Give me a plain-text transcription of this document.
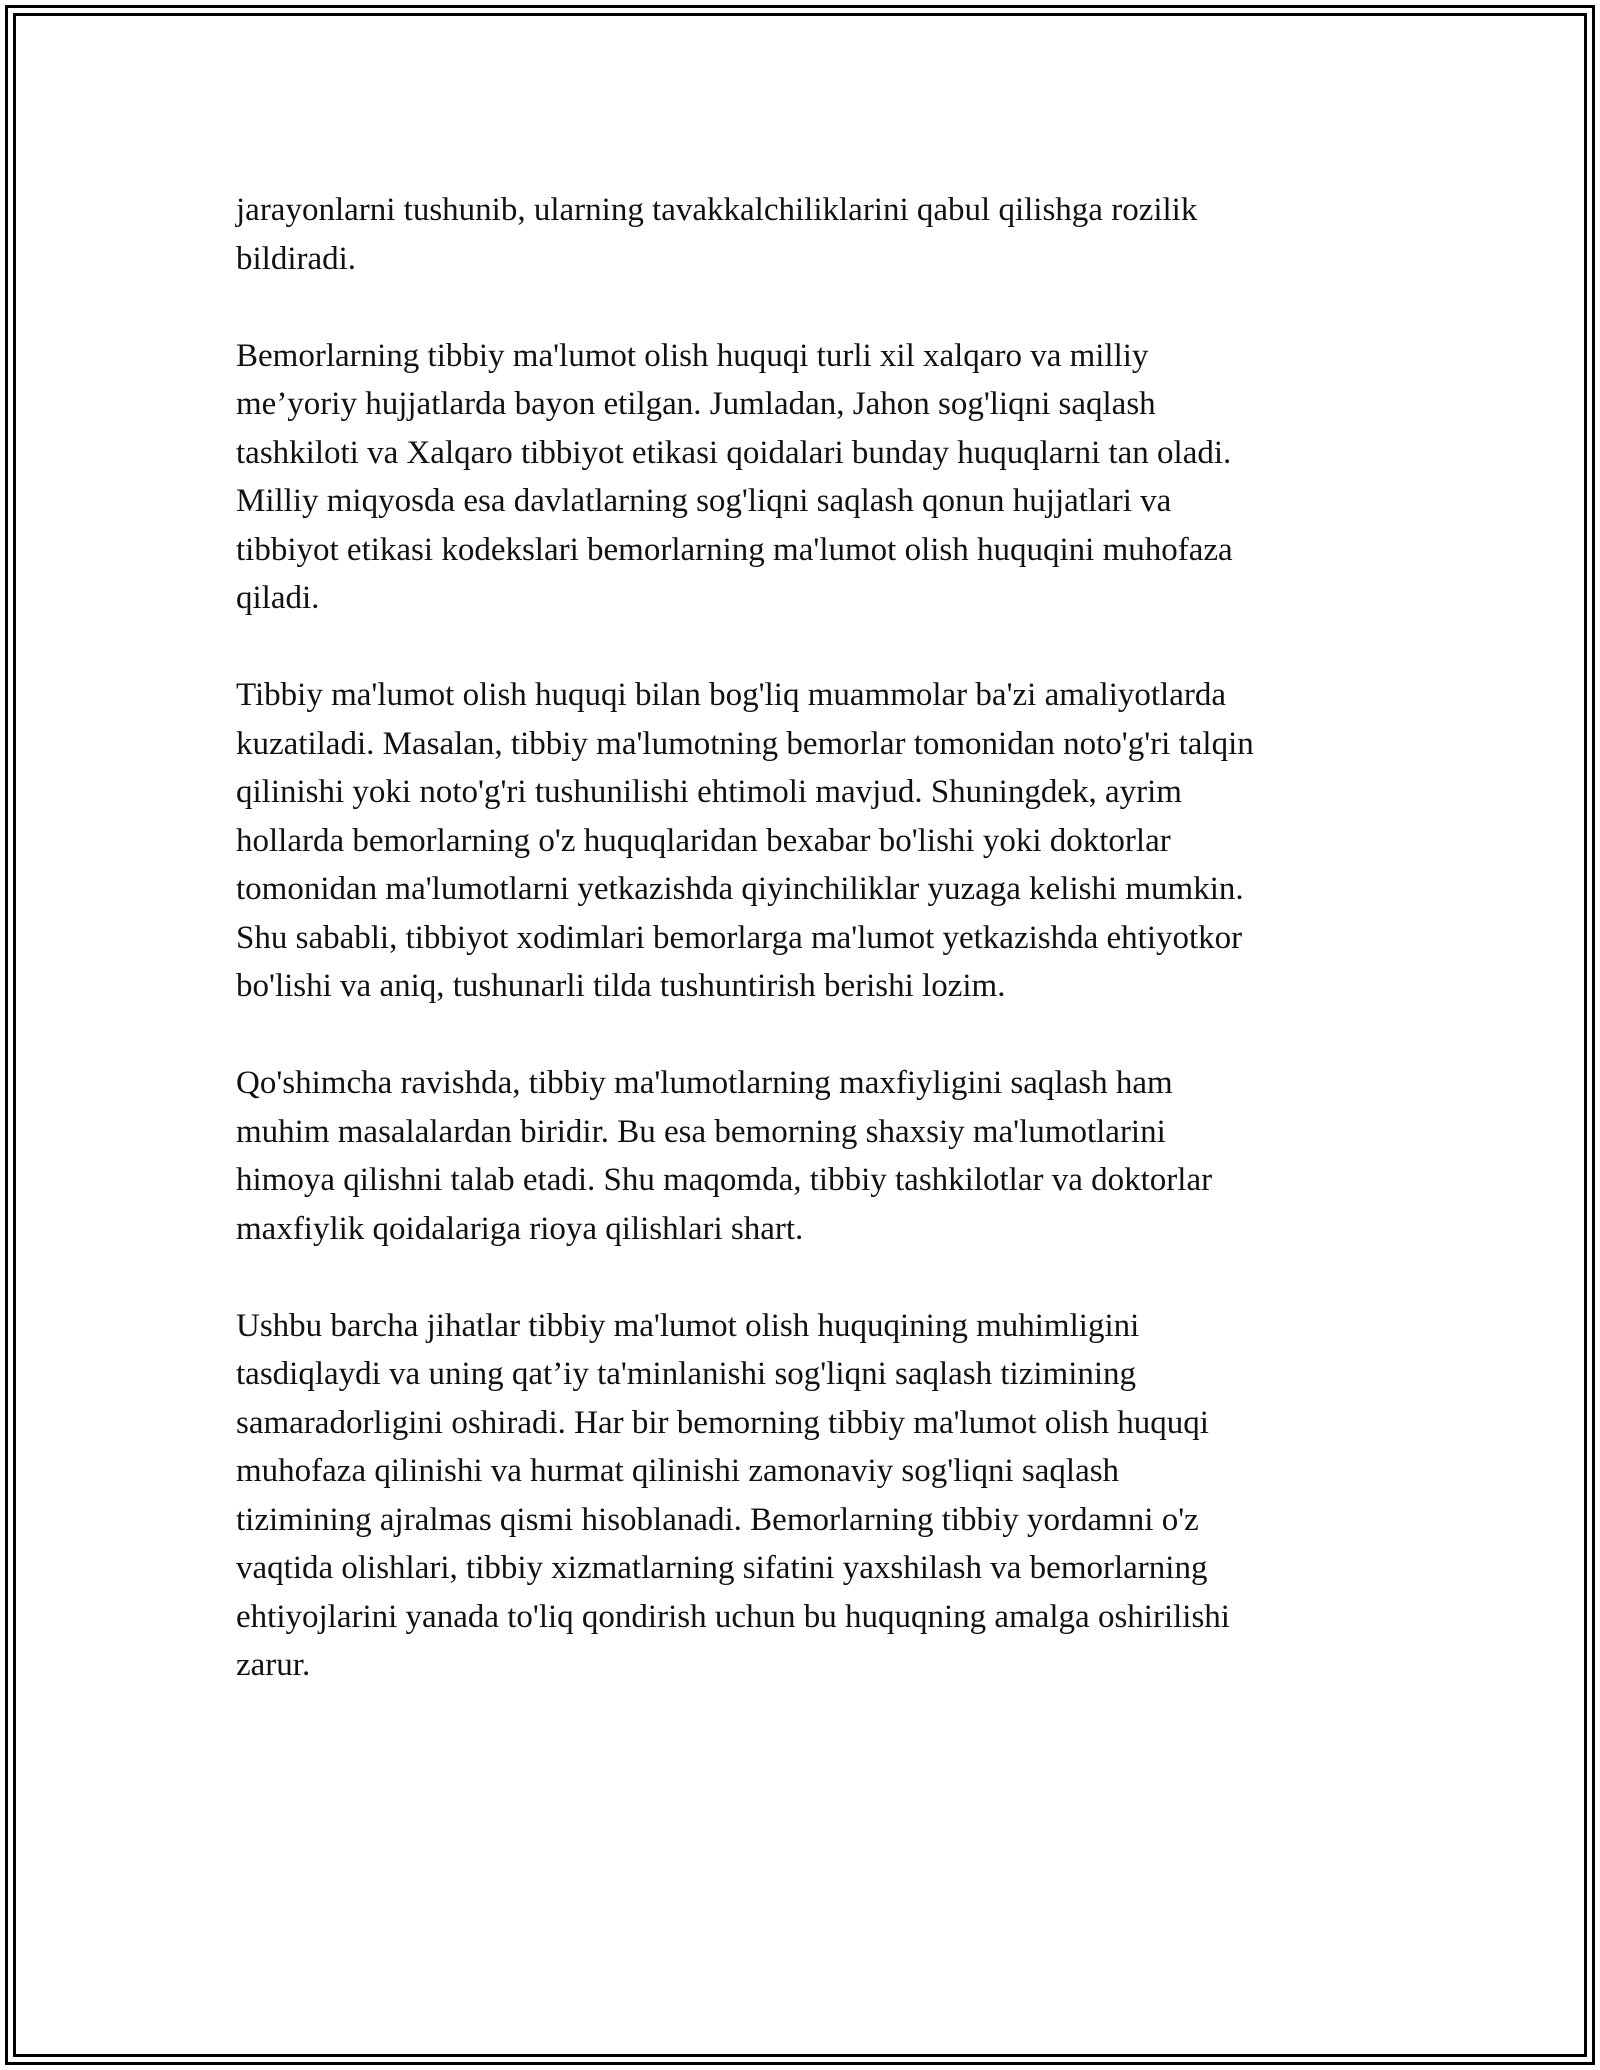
jarayonlarni tushunib, ularning tavakkalchiliklarini qabul qilishga rozilik
bildiradi.

Bemorlarning tibbiy ma'lumot olish huquqi turli xil xalqaro va milliy
me’yoriy hujjatlarda bayon etilgan. Jumladan, Jahon sog'liqni saqlash
tashkiloti va Xalqaro tibbiyot etikasi qoidalari bunday huquqlarni tan oladi.
Milliy miqyosda esa davlatlarning sog'liqni saqlash qonun hujjatlari va
tibbiyot etikasi kodekslari bemorlarning ma'lumot olish huquqini muhofaza
qiladi.

Tibbiy ma'lumot olish huquqi bilan bog'liq muammolar ba'zi amaliyotlarda
kuzatiladi. Masalan, tibbiy ma'lumotning bemorlar tomonidan noto'g'ri talqin
qilinishi yoki noto'g'ri tushunilishi ehtimoli mavjud. Shuningdek, ayrim
hollarda bemorlarning o'z huquqlaridan bexabar bo'lishi yoki doktorlar
tomonidan ma'lumotlarni yetkazishda qiyinchiliklar yuzaga kelishi mumkin.
Shu sababli, tibbiyot xodimlari bemorlarga ma'lumot yetkazishda ehtiyotkor
bo'lishi va aniq, tushunarli tilda tushuntirish berishi lozim.

Qo'shimcha ravishda, tibbiy ma'lumotlarning maxfiyligini saqlash ham
muhim masalalardan biridir. Bu esa bemorning shaxsiy ma'lumotlarini
himoya qilishni talab etadi. Shu maqomda, tibbiy tashkilotlar va doktorlar
maxfiylik qoidalariga rioya qilishlari shart.

Ushbu barcha jihatlar tibbiy ma'lumot olish huquqining muhimligini
tasdiqlaydi va uning qat’iy ta'minlanishi sog'liqni saqlash tizimining
samaradorligini oshiradi. Har bir bemorning tibbiy ma'lumot olish huquqi
muhofaza qilinishi va hurmat qilinishi zamonaviy sog'liqni saqlash
tizimining ajralmas qismi hisoblanadi. Bemorlarning tibbiy yordamni o'z
vaqtida olishlari, tibbiy xizmatlarning sifatini yaxshilash va bemorlarning
ehtiyojlarini yanada to'liq qondirish uchun bu huquqning amalga oshirilishi
zarur.
